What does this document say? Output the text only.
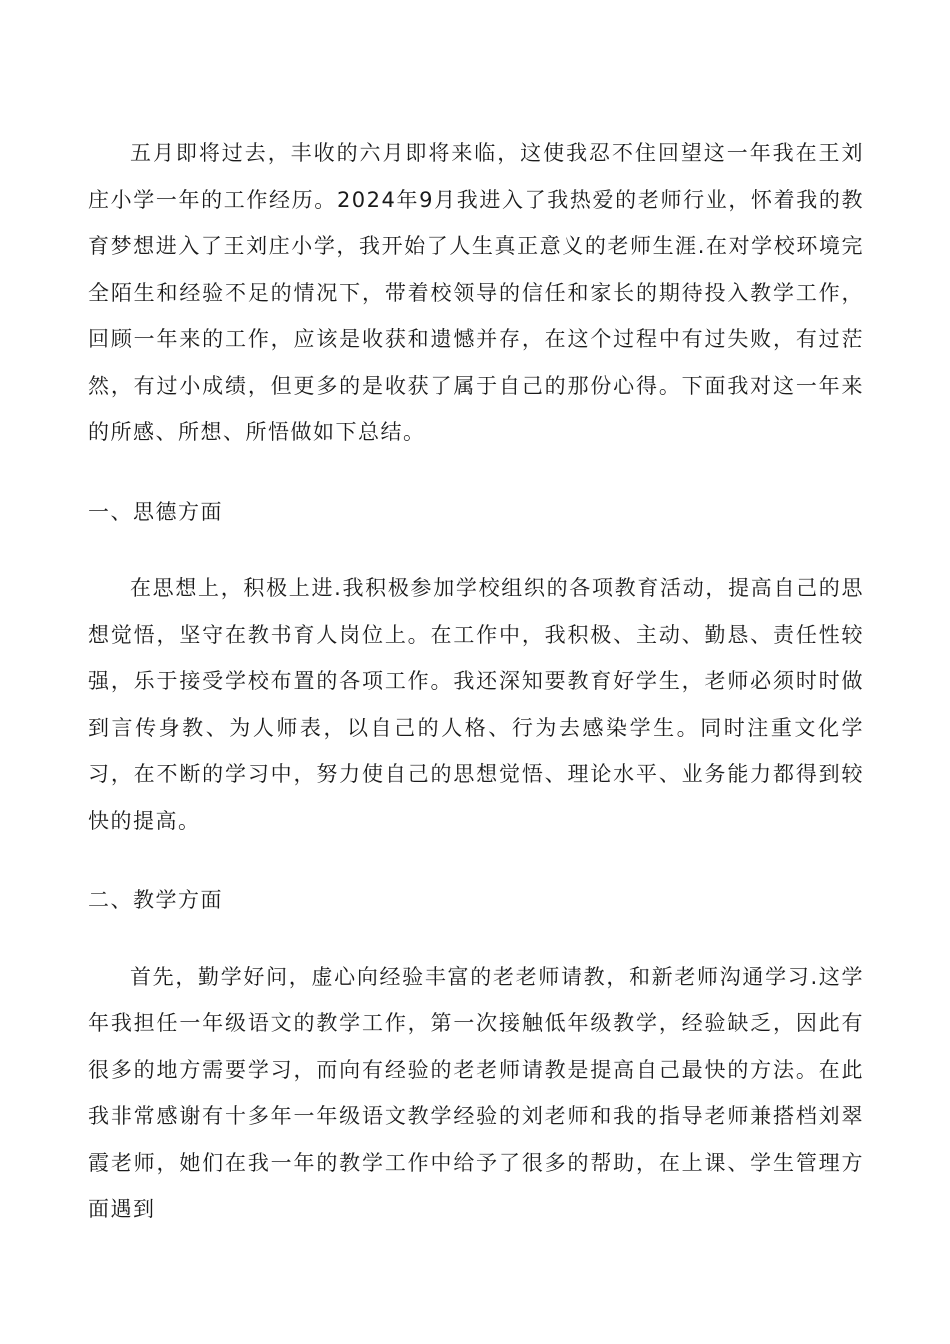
五月即将过去，丰收的六月即将来临，这使我忍不住回望这一年我在王刘庄小学一年的工作经历。2024年9月我进入了我热爱的老师行业，怀着我的教育梦想进入了王刘庄小学，我开始了人生真正意义的老师生涯.在对学校环境完全陌生和经验不足的情况下，带着校领导的信任和家长的期待投入教学工作，回顾一年来的工作，应该是收获和遗憾并存，在这个过程中有过失败，有过茫然，有过小成绩，但更多的是收获了属于自己的那份心得。下面我对这一年来的所感、所想、所悟做如下总结。

一、思德方面

在思想上，积极上进.我积极参加学校组织的各项教育活动，提高自己的思想觉悟，坚守在教书育人岗位上。在工作中，我积极、主动、勤恳、责任性较强，乐于接受学校布置的各项工作。我还深知要教育好学生，老师必须时时做到言传身教、为人师表，以自己的人格、行为去感染学生。同时注重文化学习，在不断的学习中，努力使自己的思想觉悟、理论水平、业务能力都得到较快的提高。

二、教学方面

首先，勤学好问，虚心向经验丰富的老老师请教，和新老师沟通学习.这学年我担任一年级语文的教学工作，第一次接触低年级教学，经验缺乏，因此有很多的地方需要学习，而向有经验的老老师请教是提高自己最快的方法。在此我非常感谢有十多年一年级语文教学经验的刘老师和我的指导老师兼搭档刘翠霞老师，她们在我一年的教学工作中给予了很多的帮助，在上课、学生管理方面遇到
